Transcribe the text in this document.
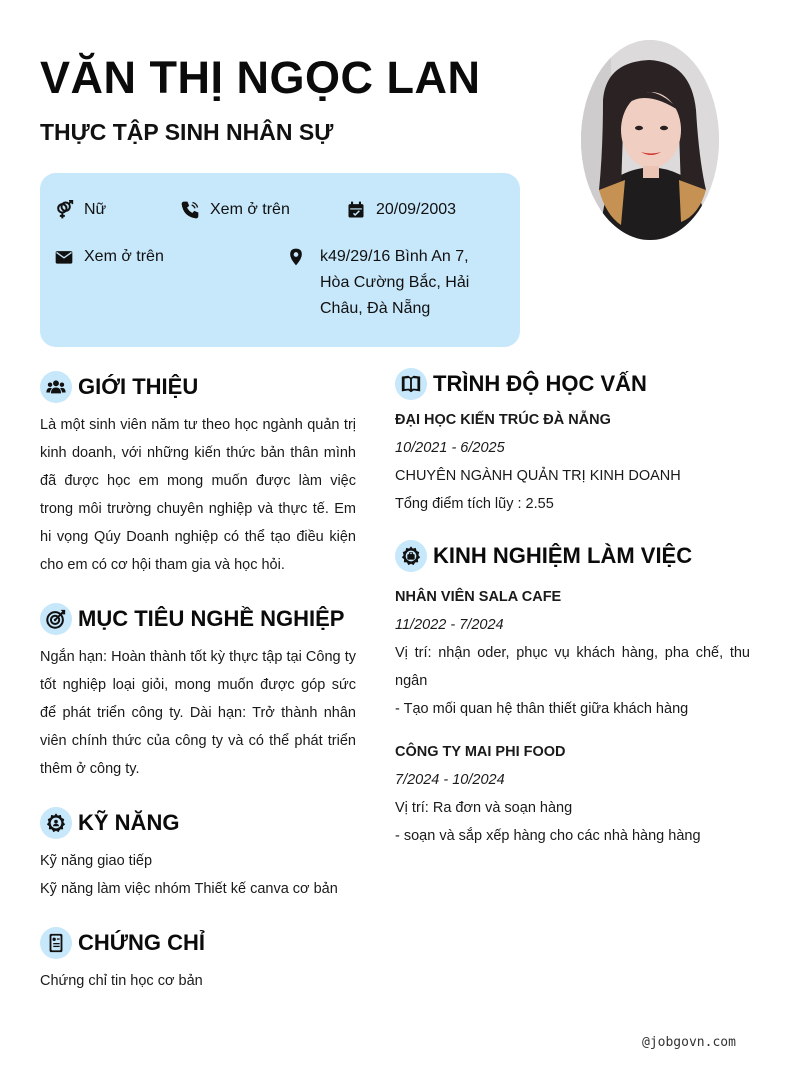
VĂN THỊ NGỌC LAN
THỰC TẬP SINH NHÂN SỰ
Nữ	Xem ở trên	20/09/2003
Xem ở trên	k49/29/16 Bình An 7,
Hòa Cường Bắc, Hải
Châu, Đà Nẵng
GIỚI THIỆU

Là một sinh viên năm tư theo học ngành quản trị kinh doanh, với những kiến thức bản thân mình đã được học em mong muốn được làm việc trong môi trường chuyên nghiệp và thực tế. Em hi vọng Qúy Doanh nghiệp có thể tạo điều kiện cho em có cơ hội tham gia và học hỏi.

MỤC TIÊU NGHỀ NGHIỆP

Ngắn hạn: Hoàn thành tốt kỳ thực tập tại Công ty tốt nghiệp loại giỏi, mong muốn được góp sức để phát triển công ty. Dài hạn: Trở thành nhân viên chính thức của công ty và có thể phát triển thêm ở công ty.

KỸ NĂNG
Kỹ năng giao tiếp
Kỹ năng làm việc nhóm Thiết kế canva cơ bản
CHỨNG CHỈ
Chứng chỉ tin học cơ bản
TRÌNH ĐỘ HỌC VẤN
ĐẠI HỌC KIẾN TRÚC ĐÀ NẴNG
10/2021 - 6/2025
CHUYÊN NGÀNH QUẢN TRỊ KINH DOANH
Tổng điểm tích lũy : 2.55
KINH NGHIỆM LÀM VIỆC
NHÂN VIÊN SALA CAFE
11/2022 - 7/2024
Vị trí: nhận oder, phục vụ khách hàng, pha chế, thu ngân
- Tạo mối quan hệ thân thiết giữa khách hàng
CÔNG TY MAI PHI FOOD
7/2024 - 10/2024
Vị trí: Ra đơn và soạn hàng
- soạn và sắp xếp hàng cho các nhà hàng hàng
@jobgovn.com
